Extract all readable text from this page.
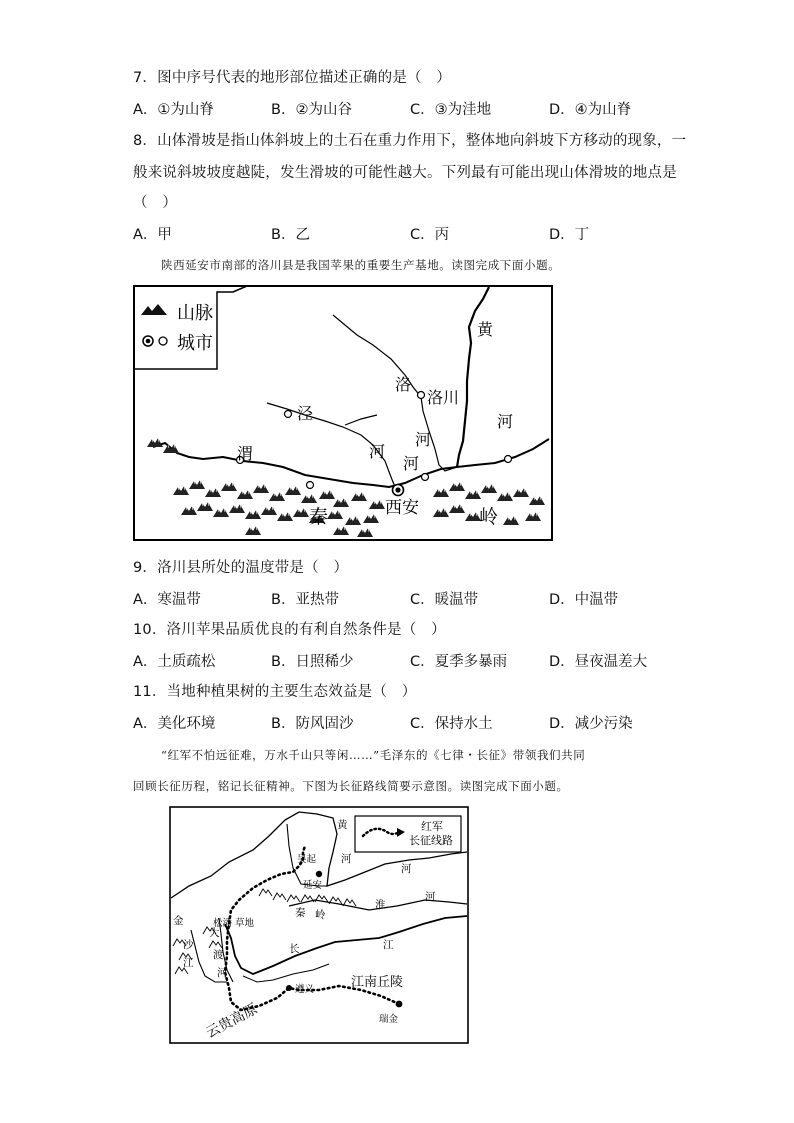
7．图中序号代表的地形部位描述正确的是（　）
A．①为山脊	B．②为山谷	C．③为洼地	D．④为山脊
8．山体滑坡是指山体斜坡上的土石在重力作用下，整体地向斜坡下方移动的现象，一
般来说斜坡坡度越陡，发生滑坡的可能性越大。下列最有可能出现山体滑坡的地点是
（　）
A．甲	B．乙	C．丙	D．丁
陕西延安市南部的洛川县是我国苹果的重要生产基地。读图完成下面小题。
山脉
城市
黄
河
洛
洛川
泾
河
河
渭
河
西安
秦	岭
9．洛川县所处的温度带是（　）
A．寒温带	B．亚热带	C．暖温带	D．中温带
10．洛川苹果品质优良的有利自然条件是（　）
A．土质疏松	B．日照稀少	C．夏季多暴雨	D．昼夜温差大
11．当地种植果树的主要生态效益是（　）
A．美化环境	B．防风固沙	C．保持水土	D．减少污染
“红军不怕远征难，万水千山只等闲……”毛泽东的《七律・长征》带领我们共同
回顾长征历程，铭记长征精神。下图为长征路线简要示意图。读图完成下面小题。
红军
长征线路
黄
河
吴起
延安
河
淮
河
秦 岭
松潘 草地
金
沙
江
大
渡
河
长	江
遵义	江南丘陵
瑞金
云贵高原
